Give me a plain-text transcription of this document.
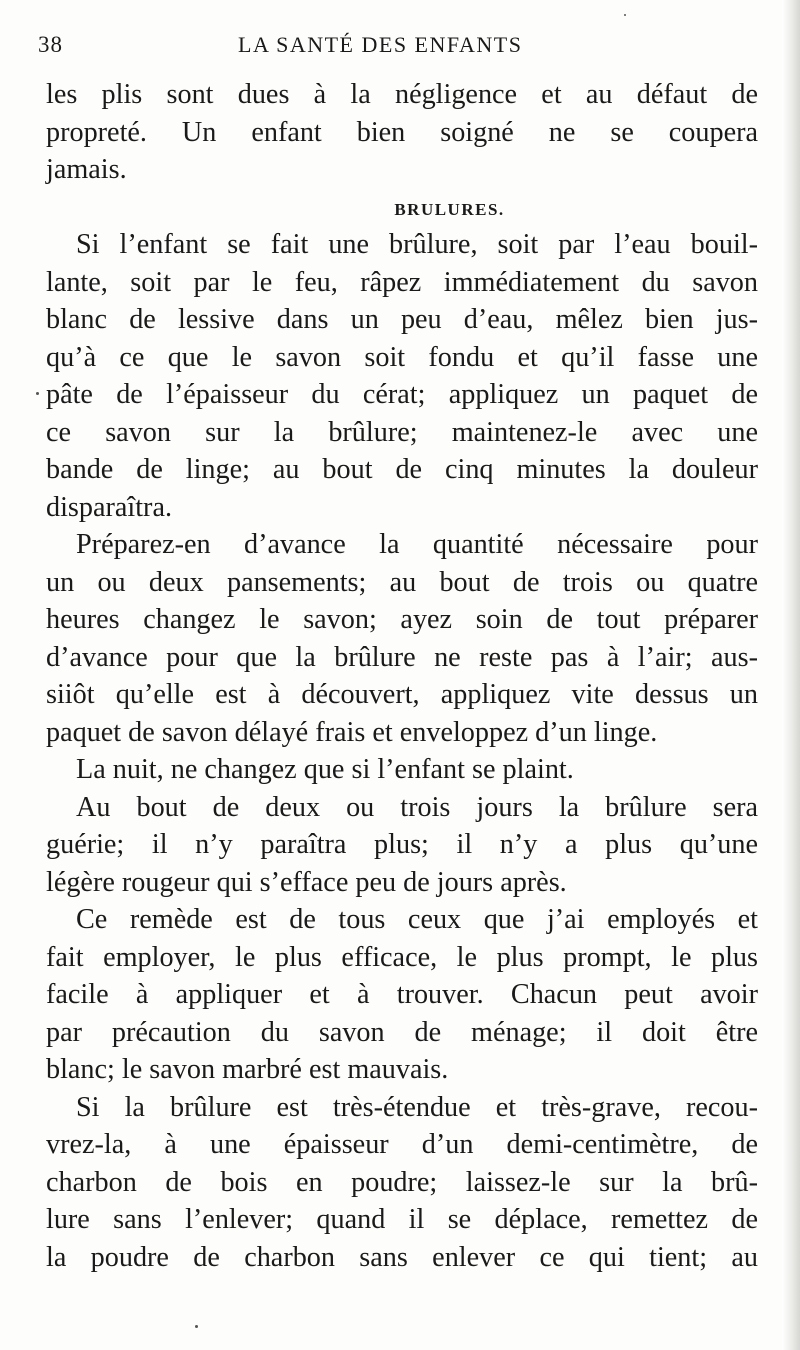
38	LA SANTÉ DES ENFANTS
les plis sont dues à la négligence et au défaut de
propreté. Un enfant bien soigné ne se coupera
jamais.
BRULURES.
Si l’enfant se fait une brûlure, soit par l’eau bouil-
lante, soit par le feu, râpez immédiatement du savon
blanc de lessive dans un peu d’eau, mêlez bien jus-
qu’à ce que le savon soit fondu et qu’il fasse une
pâte de l’épaisseur du cérat; appliquez un paquet de
ce savon sur la brûlure; maintenez-le avec une
bande de linge; au bout de cinq minutes la douleur
disparaîtra.
Préparez-en d’avance la quantité nécessaire pour
un ou deux pansements; au bout de trois ou quatre
heures changez le savon; ayez soin de tout préparer
d’avance pour que la brûlure ne reste pas à l’air; aus-
siiôt qu’elle est à découvert, appliquez vite dessus un
paquet de savon délayé frais et enveloppez d’un linge.
La nuit, ne changez que si l’enfant se plaint.
Au bout de deux ou trois jours la brûlure sera
guérie; il n’y paraîtra plus; il n’y a plus qu’une
légère rougeur qui s’efface peu de jours après.
Ce remède est de tous ceux que j’ai employés et
fait employer, le plus efficace, le plus prompt, le plus
facile à appliquer et à trouver. Chacun peut avoir
par précaution du savon de ménage; il doit être
blanc; le savon marbré est mauvais.
Si la brûlure est très-étendue et très-grave, recou-
vrez-la, à une épaisseur d’un demi-centimètre, de
charbon de bois en poudre; laissez-le sur la brû-
lure sans l’enlever; quand il se déplace, remettez de
la poudre de charbon sans enlever ce qui tient; au
